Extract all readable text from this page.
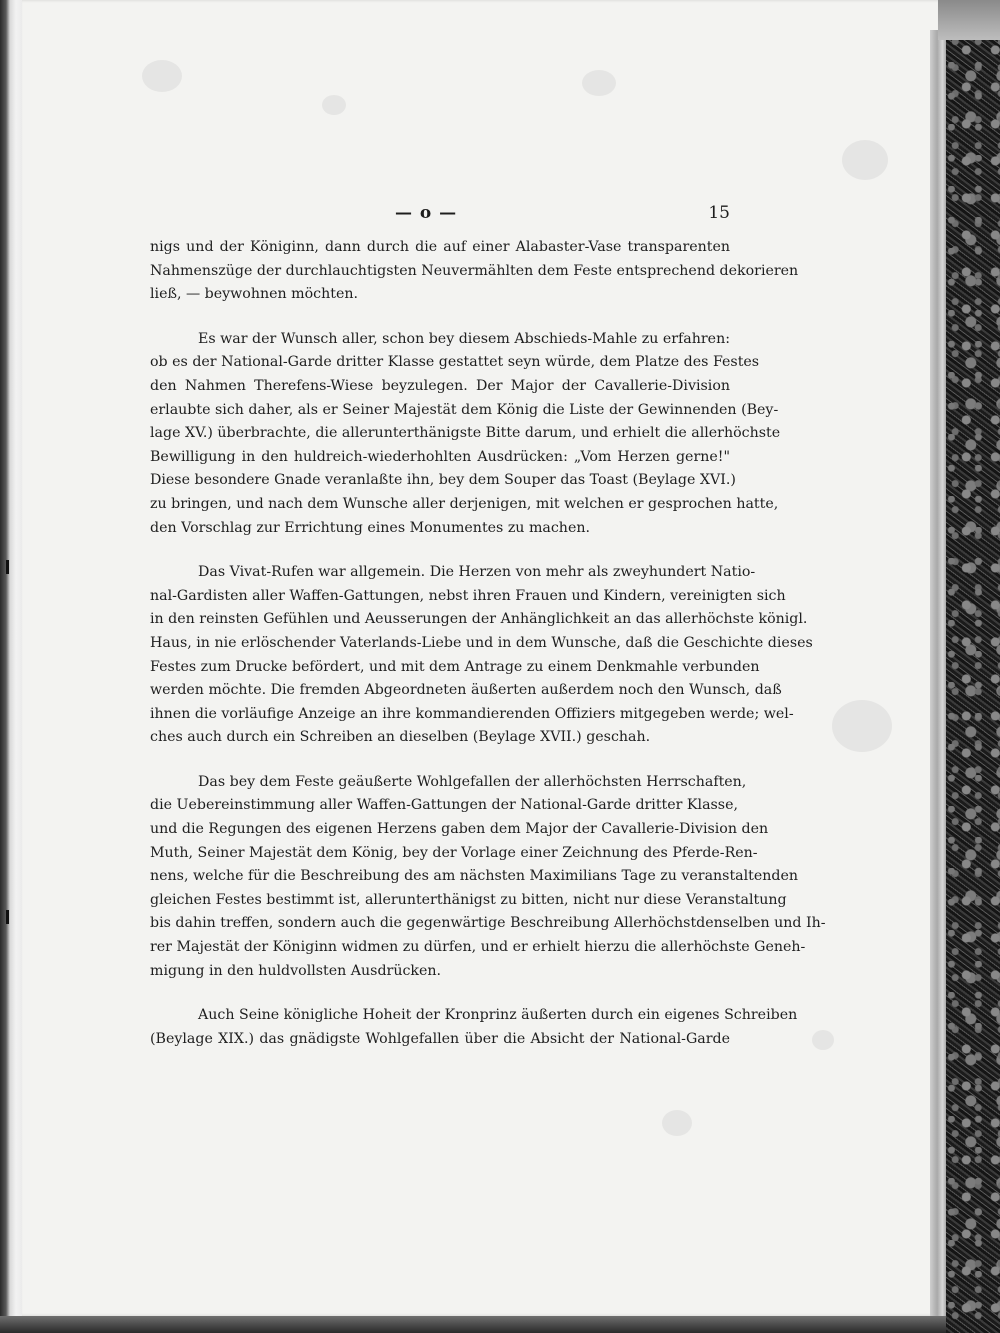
— o —	15

nigs und der Königinn, dann durch die auf einer Alabaster-Vase transparenten
Nahmenszüge der durchlauchtigsten Neuvermählten dem Feste entsprechend dekorieren
ließ, — beywohnen möchten.

Es war der Wunsch aller, schon bey diesem Abschieds-Mahle zu erfahren:
ob es der National-Garde dritter Klasse gestattet seyn würde, dem Platze des Festes
den Nahmen Therefens-Wiese beyzulegen. Der Major der Cavallerie-Division
erlaubte sich daher, als er Seiner Majestät dem König die Liste der Gewinnenden (Bey-
lage XV.) überbrachte, die allerunterthänigste Bitte darum, und erhielt die allerhöchste
Bewilligung in den huldreich-wiederhohlten Ausdrücken: „Vom Herzen gerne!"
Diese besondere Gnade veranlaßte ihn, bey dem Souper das Toast (Beylage XVI.)
zu bringen, und nach dem Wunsche aller derjenigen, mit welchen er gesprochen hatte,
den Vorschlag zur Errichtung eines Monumentes zu machen.

Das Vivat-Rufen war allgemein. Die Herzen von mehr als zweyhundert Natio-
nal-Gardisten aller Waffen-Gattungen, nebst ihren Frauen und Kindern, vereinigten sich
in den reinsten Gefühlen und Aeusserungen der Anhänglichkeit an das allerhöchste königl.
Haus, in nie erlöschender Vaterlands-Liebe und in dem Wunsche, daß die Geschichte dieses
Festes zum Drucke befördert, und mit dem Antrage zu einem Denkmahle verbunden
werden möchte. Die fremden Abgeordneten äußerten außerdem noch den Wunsch, daß
ihnen die vorläufige Anzeige an ihre kommandierenden Offiziers mitgegeben werde; wel-
ches auch durch ein Schreiben an dieselben (Beylage XVII.) geschah.

Das bey dem Feste geäußerte Wohlgefallen der allerhöchsten Herrschaften,
die Uebereinstimmung aller Waffen-Gattungen der National-Garde dritter Klasse,
und die Regungen des eigenen Herzens gaben dem Major der Cavallerie-Division den
Muth, Seiner Majestät dem König, bey der Vorlage einer Zeichnung des Pferde-Ren-
nens, welche für die Beschreibung des am nächsten Maximilians Tage zu veranstaltenden
gleichen Festes bestimmt ist, allerunterthänigst zu bitten, nicht nur diese Veranstaltung
bis dahin treffen, sondern auch die gegenwärtige Beschreibung Allerhöchstdenselben und Ih-
rer Majestät der Königinn widmen zu dürfen, und er erhielt hierzu die allerhöchste Geneh-
migung in den huldvollsten Ausdrücken.

Auch Seine königliche Hoheit der Kronprinz äußerten durch ein eigenes Schreiben
(Beylage XIX.) das gnädigste Wohlgefallen über die Absicht der National-Garde
